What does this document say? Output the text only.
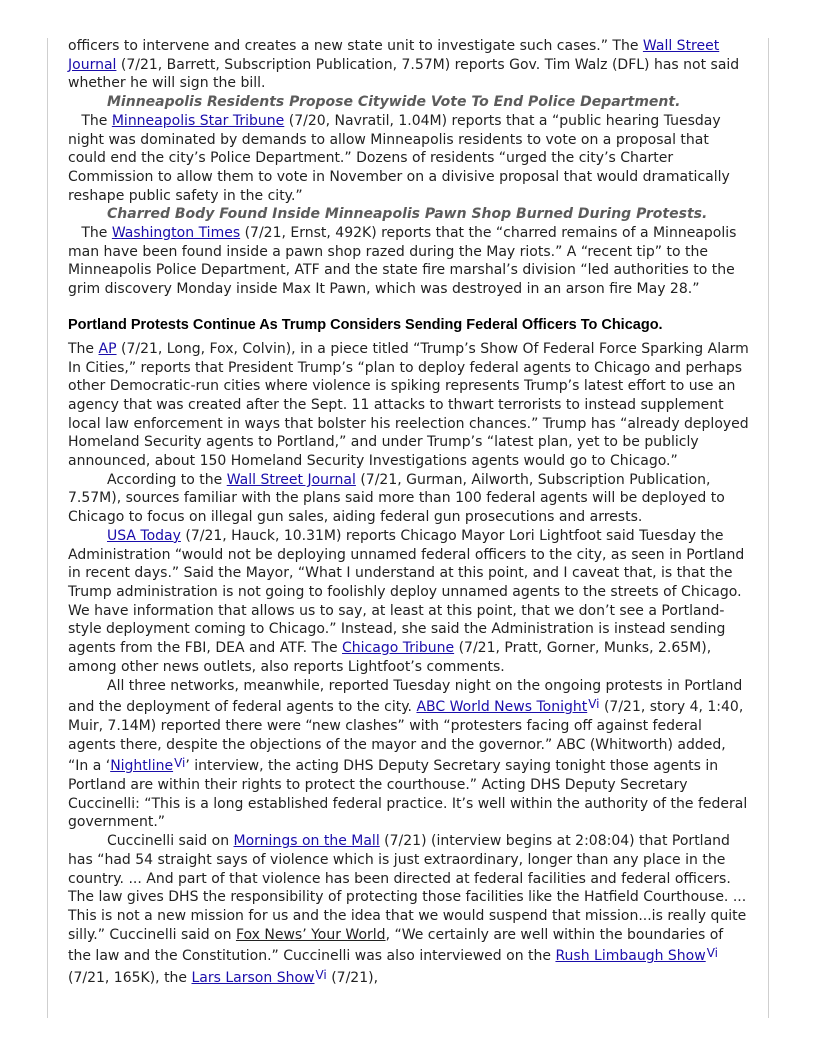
officers to intervene and creates a new state unit to investigate such cases.” The Wall Street Journal (7/21, Barrett, Subscription Publication, 7.57M) reports Gov. Tim Walz (DFL) has not said whether he will sign the bill.

Minneapolis Residents Propose Citywide Vote To End Police Department.   The Minneapolis Star Tribune (7/20, Navratil, 1.04M) reports that a “public hearing Tuesday night was dominated by demands to allow Minneapolis residents to vote on a proposal that could end the city’s Police Department.” Dozens of residents “urged the city’s Charter Commission to allow them to vote in November on a divisive proposal that would dramatically reshape public safety in the city.”

Charred Body Found Inside Minneapolis Pawn Shop Burned During Protests.   The Washington Times (7/21, Ernst, 492K) reports that the “charred remains of a Minneapolis man have been found inside a pawn shop razed during the May riots.” A “recent tip” to the Minneapolis Police Department, ATF and the state fire marshal’s division “led authorities to the grim discovery Monday inside Max It Pawn, which was destroyed in an arson fire May 28.”

Portland Protests Continue As Trump Considers Sending Federal Officers To Chicago.

The AP (7/21, Long, Fox, Colvin), in a piece titled “Trump’s Show Of Federal Force Sparking Alarm In Cities,” reports that President Trump’s “plan to deploy federal agents to Chicago and perhaps other Democratic-run cities where violence is spiking represents Trump’s latest effort to use an agency that was created after the Sept. 11 attacks to thwart terrorists to instead supplement local law enforcement in ways that bolster his reelection chances.” Trump has “already deployed Homeland Security agents to Portland,” and under Trump’s “latest plan, yet to be publicly announced, about 150 Homeland Security Investigations agents would go to Chicago.”

According to the Wall Street Journal (7/21, Gurman, Ailworth, Subscription Publication, 7.57M), sources familiar with the plans said more than 100 federal agents will be deployed to Chicago to focus on illegal gun sales, aiding federal gun prosecutions and arrests.

USA Today (7/21, Hauck, 10.31M) reports Chicago Mayor Lori Lightfoot said Tuesday the Administration “would not be deploying unnamed federal officers to the city, as seen in Portland in recent days.” Said the Mayor, “What I understand at this point, and I caveat that, is that the Trump administration is not going to foolishly deploy unnamed agents to the streets of Chicago. We have information that allows us to say, at least at this point, that we don’t see a Portland-style deployment coming to Chicago.” Instead, she said the Administration is instead sending agents from the FBI, DEA and ATF. The Chicago Tribune (7/21, Pratt, Gorner, Munks, 2.65M), among other news outlets, also reports Lightfoot’s comments.

All three networks, meanwhile, reported Tuesday night on the ongoing protests in Portland and the deployment of federal agents to the city. ABC World News TonightVi (7/21, story 4, 1:40, Muir, 7.14M) reported there were “new clashes” with “protesters facing off against federal agents there, despite the objections of the mayor and the governor.” ABC (Whitworth) added, “In a ‘NightlineVi’ interview, the acting DHS Deputy Secretary saying tonight those agents in Portland are within their rights to protect the courthouse.” Acting DHS Deputy Secretary Cuccinelli: “This is a long established federal practice. It’s well within the authority of the federal government.”

Cuccinelli said on Mornings on the Mall (7/21) (interview begins at 2:08:04) that Portland has “had 54 straight says of violence which is just extraordinary, longer than any place in the country. ... And part of that violence has been directed at federal facilities and federal officers. The law gives DHS the responsibility of protecting those facilities like the Hatfield Courthouse. ... This is not a new mission for us and the idea that we would suspend that mission...is really quite silly.” Cuccinelli said on Fox News’ Your World, “We certainly are well within the boundaries of the law and the Constitution.” Cuccinelli was also interviewed on the Rush Limbaugh ShowVi (7/21, 165K), the Lars Larson ShowVi (7/21),
